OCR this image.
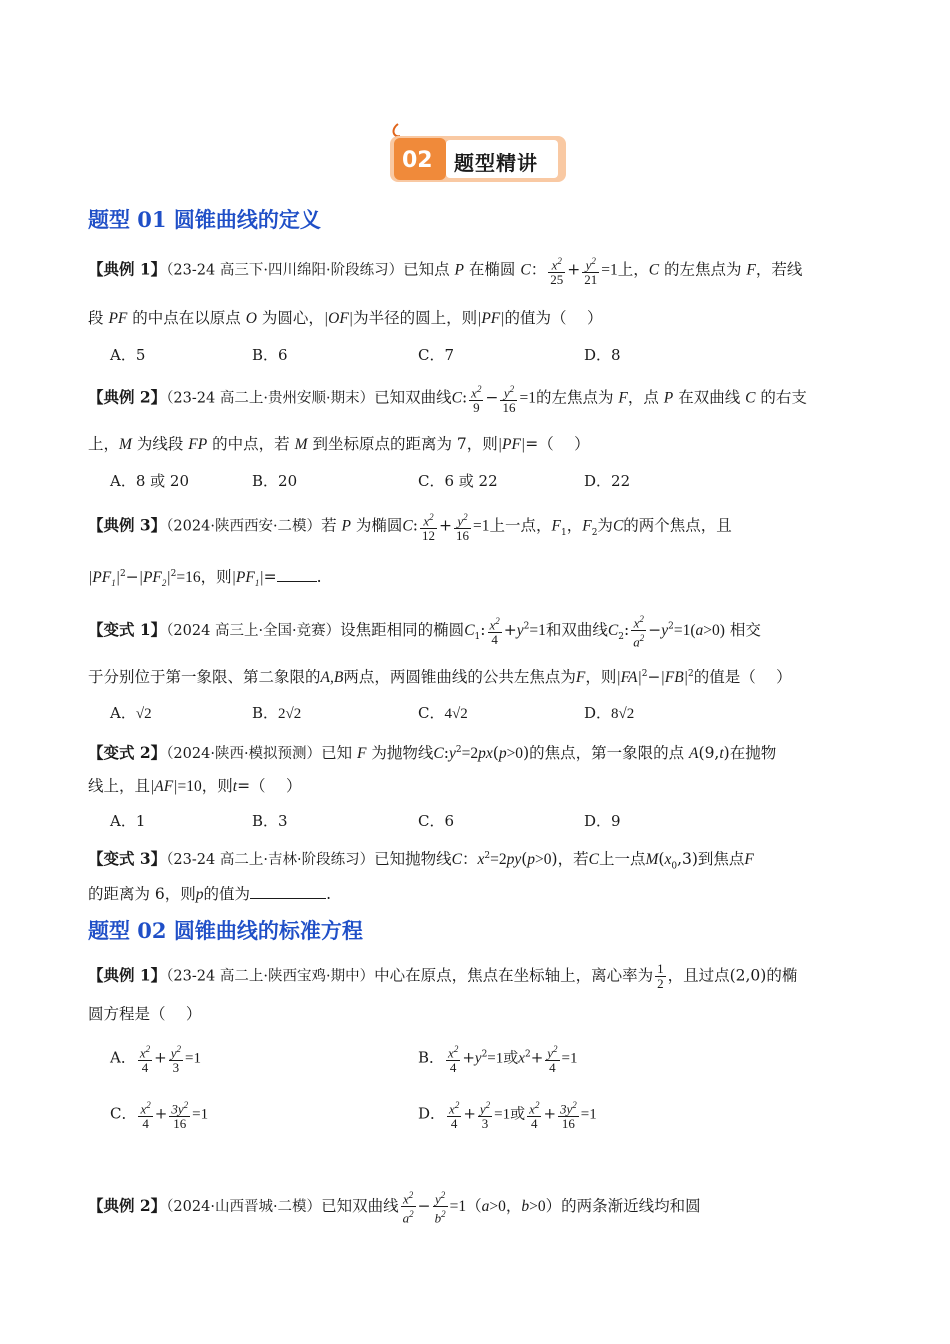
02 题型精讲
题型 01 圆锥曲线的定义
【典例 1】（23-24 高三下·四川绵阳·阶段练习）已知点 P 在椭圆 C： $\frac{x^2}{25} + \frac{y^2}{21} =1$上，C 的左焦点为 F，若线
段 PF 的中点在以原点 O 为圆心，|OF|为半径的圆上，则|PF|的值为（　 ）
A．5	B．6	C．7	D．8
【典例 2】（23-24 高二上·贵州安顺·期末）已知双曲线C: $\frac{x^2}{9} - \frac{y^2}{16} =1$的左焦点为 F，点 P 在双曲线 C 的右支
上，M 为线段 FP 的中点，若 M 到坐标原点的距离为 7，则|PF|=（　 ）
A．8 或 20	B．20	C．6 或 22	D．22
【典例 3】（2024·陕西西安·二模）若 P 为椭圆C: $\frac{x^2}{12} + \frac{y^2}{16} =1$上一点，$F_1$，$F_2$为C的两个焦点，且
$|PF_1|^2-|PF_2|^2=16$，则$|PF_1|=$	.
【变式 1】（2024 高三上·全国·竞赛）设焦距相同的椭圆$C_1$: $\frac{x^2}{4} +y^2=1$和双曲线$C_2$: $\frac{x^2}{a^2} -y^2=1(a>0)$ 相交
于分别位于第一象限、第二象限的A,B两点，两圆锥曲线的公共左焦点为F，则$|FA|^2-|FB|^2$的值是（　 ）
A．√2	B．2√2	C．4√2	D．8√2
【变式 2】（2024·陕西·模拟预测）已知 F 为抛物线$C:y^2=2px(p>0)$的焦点，第一象限的点 A(9,t)在抛物
线上，且|AF|=10，则t=（　 ）
A．1	B．3	C．6	D．9
【变式 3】（23-24 高二上·吉林·阶段练习）已知抛物线C：$x^2=2py(p>0)$，若C上一点$M(x_0,3)$到焦点F
的距离为 6，则p的值为	.
题型 02 圆锥曲线的标准方程
【典例 1】（23-24 高二上·陕西宝鸡·期中）中心在原点，焦点在坐标轴上，离心率为 $\frac{1}{2}$ ，且过点(2,0)的椭
圆方程是（　 ）
A． $\frac{x^2}{4} + \frac{y^2}{3} =1$	B． $\frac{x^2}{4} +y^2=1$或$x^2+ \frac{y^2}{4} =1$
C． $\frac{x^2}{4} + \frac{3y^2}{16} =1$	D． $\frac{x^2}{4} + \frac{y^2}{3} =1$或 $\frac{x^2}{4} + \frac{3y^2}{16} =1$
【典例 2】（2024·山西晋城·二模）已知双曲线 $\frac{x^2}{a^2} - \frac{y^2}{b^2} =1(a>0$，b>0）的两条渐近线均和圆
